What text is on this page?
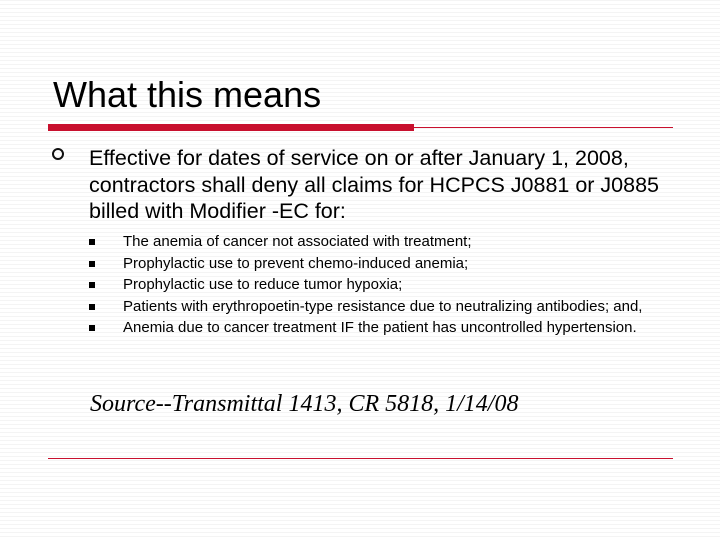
What this means
Effective for dates of service on or after January 1, 2008, contractors shall deny all claims for HCPCS J0881 or J0885 billed with Modifier -EC for:
The anemia of cancer not associated with treatment;
Prophylactic use to prevent chemo-induced anemia;
Prophylactic use to reduce tumor hypoxia;
Patients with erythropoetin-type resistance due to neutralizing antibodies; and,
Anemia due to cancer treatment IF the patient has uncontrolled hypertension.
Source--Transmittal 1413, CR 5818, 1/14/08
